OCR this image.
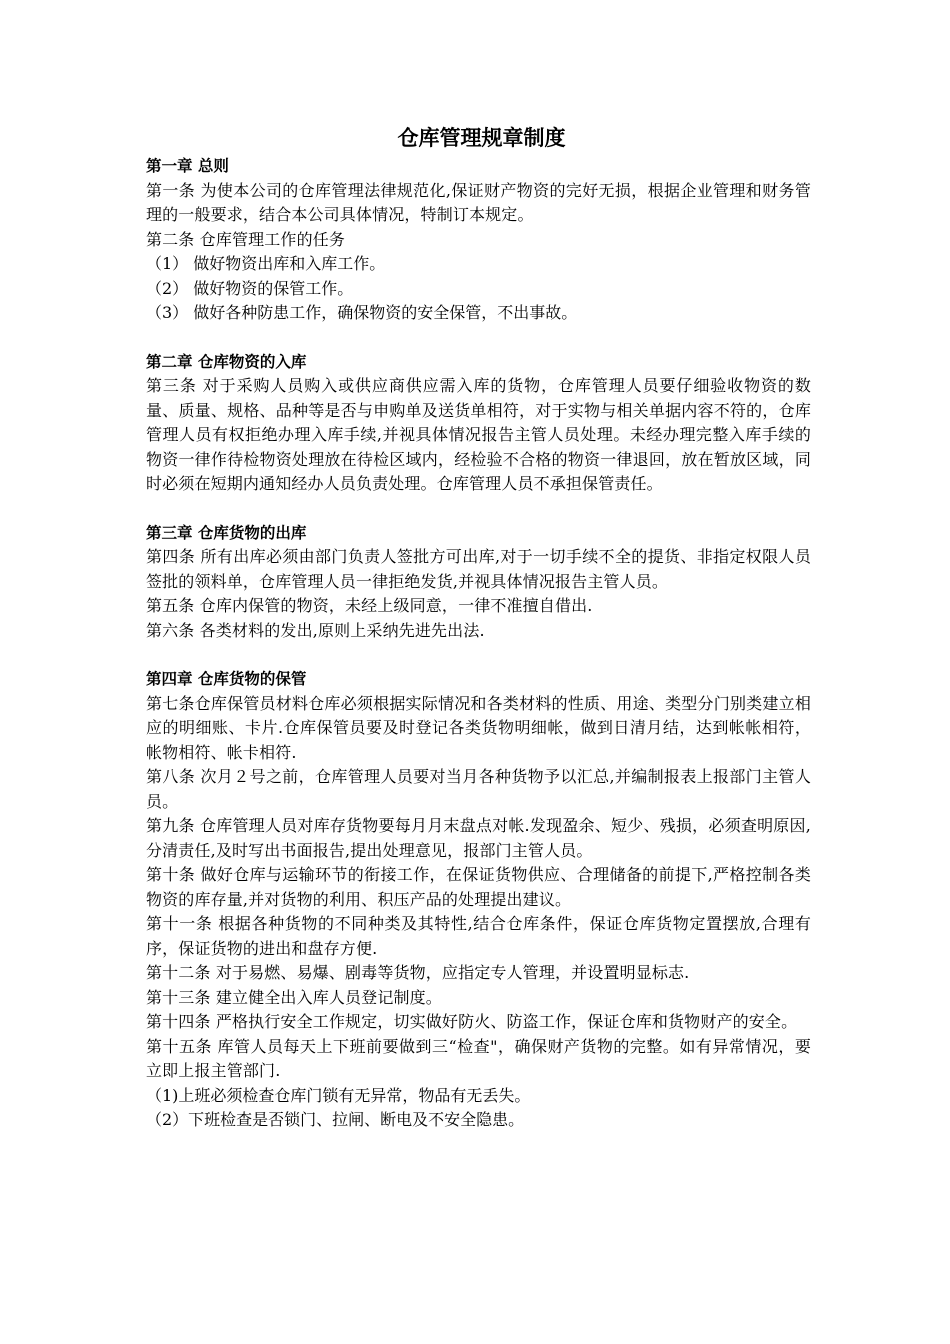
仓库管理规章制度
第一章 总则

第一条 为使本公司的仓库管理法律规范化,保证财产物资的完好无损，根据企业管理和财务管理的一般要求，结合本公司具体情况，特制订本规定。

第二条 仓库管理工作的任务

（1） 做好物资出库和入库工作。

（2） 做好物资的保管工作。

（3） 做好各种防患工作，确保物资的安全保管，不出事故。

第二章 仓库物资的入库

第三条 对于采购人员购入或供应商供应需入库的货物，仓库管理人员要仔细验收物资的数量、质量、规格、品种等是否与申购单及送货单相符，对于实物与相关单据内容不符的，仓库管理人员有权拒绝办理入库手续,并视具体情况报告主管人员处理。未经办理完整入库手续的物资一律作待检物资处理放在待检区域内，经检验不合格的物资一律退回，放在暂放区域，同时必须在短期内通知经办人员负责处理。仓库管理人员不承担保管责任。

第三章 仓库货物的出库

第四条 所有出库必须由部门负责人签批方可出库,对于一切手续不全的提货、非指定权限人员签批的领料单，仓库管理人员一律拒绝发货,并视具体情况报告主管人员。

第五条 仓库内保管的物资，未经上级同意，一律不准擅自借出.

第六条 各类材料的发出,原则上采纳先进先出法.

第四章 仓库货物的保管

第七条仓库保管员材料仓库必须根据实际情况和各类材料的性质、用途、类型分门别类建立相应的明细账、卡片.仓库保管员要及时登记各类货物明细帐，做到日清月结，达到帐帐相符，帐物相符、帐卡相符.

第八条 次月２号之前，仓库管理人员要对当月各种货物予以汇总,并编制报表上报部门主管人员。

第九条 仓库管理人员对库存货物要每月月末盘点对帐.发现盈余、短少、残损，必须查明原因,分清责任,及时写出书面报告,提出处理意见，报部门主管人员。

第十条 做好仓库与运输环节的衔接工作，在保证货物供应、合理储备的前提下,严格控制各类物资的库存量,并对货物的利用、积压产品的处理提出建议。

第十一条 根据各种货物的不同种类及其特性,结合仓库条件，保证仓库货物定置摆放,合理有序，保证货物的进出和盘存方便.

第十二条 对于易燃、易爆、剧毒等货物，应指定专人管理，并设置明显标志.

第十三条 建立健全出入库人员登记制度。

第十四条 严格执行安全工作规定，切实做好防火、防盗工作，保证仓库和货物财产的安全。

第十五条 库管人员每天上下班前要做到三“检查"，确保财产货物的完整。如有异常情况，要立即上报主管部门.

（1)上班必须检查仓库门锁有无异常，物品有无丢失。

（2）下班检查是否锁门、拉闸、断电及不安全隐患。
